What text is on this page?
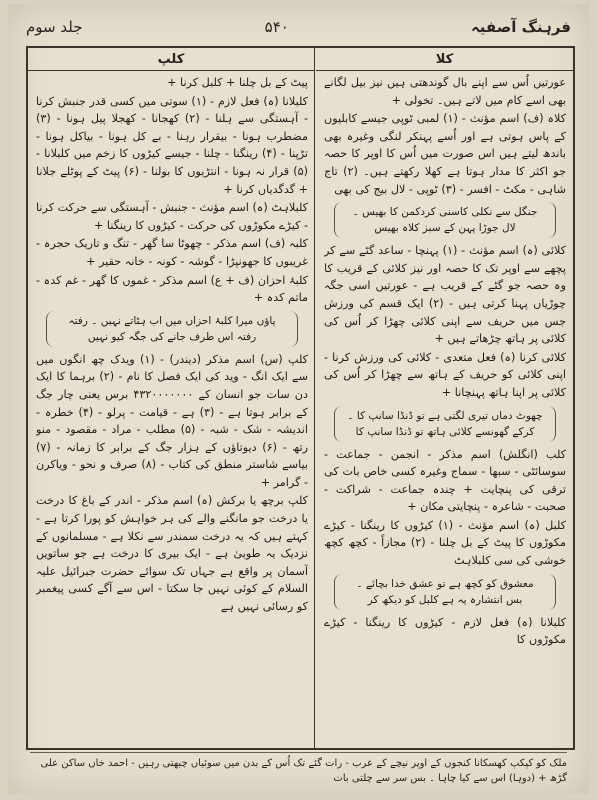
جلد سوم	۵۴۰	فرہنگ آصفیہ
کلپ	کلا

عورتیں اُس سے اپنے بال گوندھتی ہیں نیز بیل لگانے بھی اسے کام میں لاتے ہیں۔ تخولی +

کلاہ (ف) اسم مؤنث - (۱) لمبی ٹوپی جیسے کابلیوں کے پاس ہوتی ہے اور اُسے پہنکر لنگی وغیرہ بھی باندھ لیتے ہیں اس صورت میں اُس کا اوپر کا حصہ جو اکثر کا مدار ہوتا ہے کھلا رکھتے ہیں۔ (۲) تاج شاہی - مکٹ - افسر - (۳) ٹوپی - لال بیج کی بھی

جنگل سے نکلی کاسنی کردکمن کا بھیس ۔ لال جوڑا پہن کے سبز کلاہ بھیس

کلائی (ہ) اسم مؤنث - (۱) پہنچا - ساعد گٹے سے کر پچھے سے اوپر تک کا حصہ اور نیز کلائی کے قریب کا وہ حصہ جو گٹے کے قریب ہے - عورتیں اسی جگہ چوڑیاں پہنا کرتی ہیں - (۲) ایک قسم کی ورزش جس میں حریف سے اپنی کلائی چھڑا کر اُس کی کلائی پر ہاتھ چڑھاتے ہیں +

کلائی کرنا (ہ) فعل متعدی - کلائی کی ورزش کرنا - اپنی کلائی کو حریف کے ہاتھ سے چھڑا کر اُس کی کلائی پر اپنا ہاتھ پہنچانا +

چھوٹ دماں تیری لگتی ہے تو ڈنڈا سانپ کا ۔ کرکے گھونسے کلائی ہاتھ تو ڈنڈا سانپ کا

کلب (انگلش) اسم مذکر - انجمن - جماعت - سوسائٹی - سبھا - سماج وغیرہ کسی خاص بات کی ترقی کی پنچایت + چندہ جماعت - شراکت - صحبت - شاعرہ - پنچایتی مکان +

کلبل (ہ) اسم مؤنث - (۱) کیڑوں کا رینگنا - کیڑے مکوڑوں کا پیٹ کے بل چلنا - (۲) مجازاً - کچھ کچھ خوشی کی سی کلبلاہٹ

معشوق کو کچھ ہے تو عشق خدا بچائے ۔ بس انتشارہ یہ ہے کلبل کو دیکھ کر

کلبلانا (ہ) فعل لازم - کیڑوں کا رینگنا - کیڑے مکوڑوں کا

پیٹ کے بل چلنا + کلبل کرنا +

کلبلانا (ہ) فعل لازم - (۱) سوتی میں کسی قدر جنبش کرنا - آہستگی سے ہلنا - (۲) کھجانا - کھجلا پیل ہونا - (۳) مضطرب ہونا - بیقرار رہنا - بے کل ہونا - بیاکل ہونا - تڑپنا - (۴) رینگنا - چلنا - جیسے کیڑوں کا زخم میں کلبلانا - (۵) قرار نہ ہونا - انتڑیوں کا بولنا - (۶) پیٹ کے پوٹلے جلانا + گدگدیاں کرنا +

کلبلاہٹ (ہ) اسم مؤنث - جنبش - آہستگی سے حرکت کرنا - کیڑے مکوڑوں کی حرکت - کیڑوں کا رینگنا +

کلبہ (ف) اسم مذکر - چھوٹا سا گھر - تنگ و تاریک حجرہ - غریبوں کا جھونپڑا - گوشہ - کونہ - خانہ حقیر +

کلبۂ احزان (ف + ع) اسم مذکر - غموں کا گھر - غم کدہ - ماتم کدہ +

پاؤں میرا کلبۂ احزاں میں اب ہٹاتے نہیں ۔ رفتہ رفتہ اس طرف جانے کی جگہ کیو نہیں

کلپ (س) اسم مذکر (دیندر) - (۱) ویدک چھ انگوں میں سے ایک انگ - وید کی ایک فصل کا نام - (۲) برہما کا ایک دن سات جو انسان کے ۴۳۲۰۰۰۰۰۰۰ برس یعنی چار جگ کے برابر ہوتا ہے - (۳) ہے - قیامت - پرلو - (۴) خطرہ - اندیشہ - شک - شبہ - (۵) مطلب - مراد - مقصود - منو رتھ - (۶) دیوتاؤں کے ہزار جگ کے برابر کا زمانہ - (۷) بیاسے شاستر منطق کی کتاب - (۸) صرف و نحو - ویاکرن - گرامر +

کلپ برچھ یا برکش (ہ) اسم مذکر - اندر کے باغ کا درخت یا درخت جو مانگنے والے کی ہر خواہش کو پورا کرتا ہے - کہتے ہیں کہ یہ درخت سمندر سے نکلا ہے - مسلمانوں کے نزدیک یہ طوبیٰ ہے - ایک بیری کا درخت ہے جو ساتویں آسمان پر واقع ہے جہاں تک سوائے حضرت جبرائیل علیہ السلام کے کوئی نہیں جا سکتا - اس سے آگے کسی پیغمبر کو رسائی نہیں ہے

ملک کو کپکپ کھسکانا کنجوں کے اوپر نیچے کے عرب - رات گئے تک اُس کے بدن میں سوئیاں چبھتی رہیں - احمد خاں ساکن علی گڑھ + (دوہا) اس سے کیا چاہا ۔ بس سر سے چلتی بات
